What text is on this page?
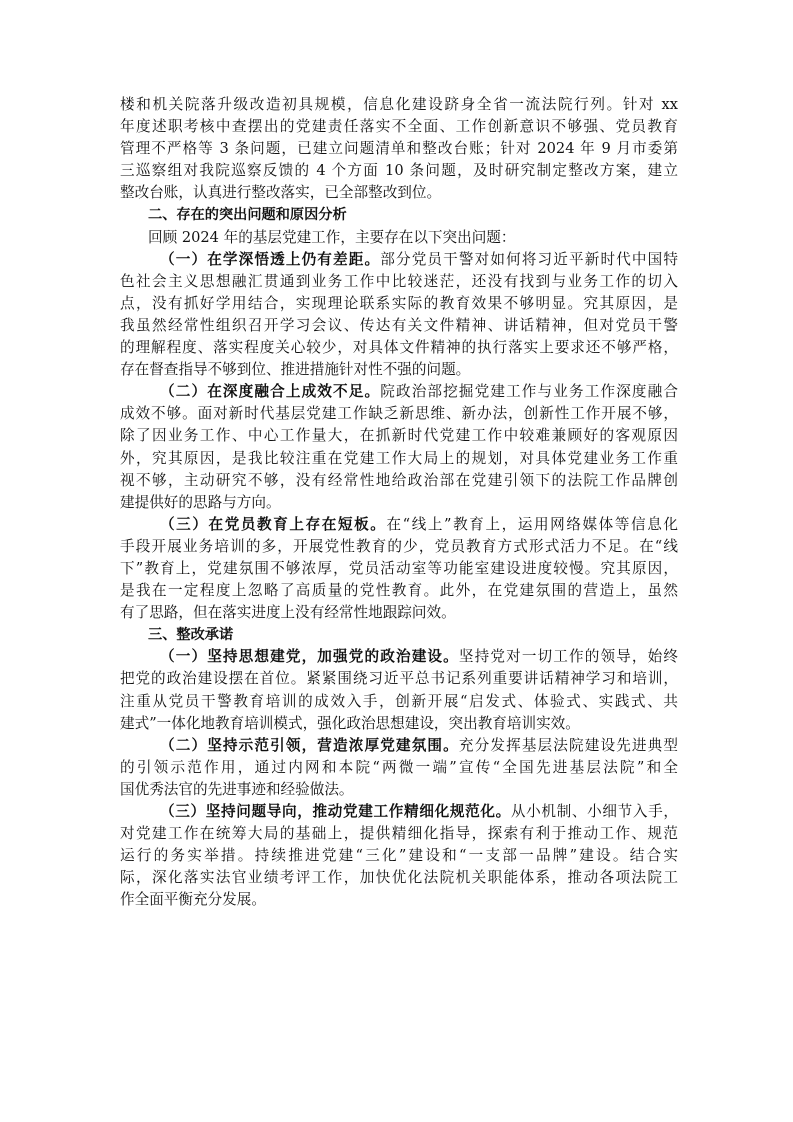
楼和机关院落升级改造初具规模，信息化建设跻身全省一流法院行列。针对 xx
年度述职考核中查摆出的党建责任落实不全面、工作创新意识不够强、党员教育
管理不严格等 3 条问题，已建立问题清单和整改台账；针对 2024 年 9 月市委第
三巡察组对我院巡察反馈的 4 个方面 10 条问题，及时研究制定整改方案，建立
整改台账，认真进行整改落实，已全部整改到位。
二、存在的突出问题和原因分析
回顾 2024 年的基层党建工作，主要存在以下突出问题：
（一）在学深悟透上仍有差距。部分党员干警对如何将习近平新时代中国特
色社会主义思想融汇贯通到业务工作中比较迷茫，还没有找到与业务工作的切入
点，没有抓好学用结合，实现理论联系实际的教育效果不够明显。究其原因，是
我虽然经常性组织召开学习会议、传达有关文件精神、讲话精神，但对党员干警
的理解程度、落实程度关心较少，对具体文件精神的执行落实上要求还不够严格，
存在督查指导不够到位、推进措施针对性不强的问题。
（二）在深度融合上成效不足。院政治部挖掘党建工作与业务工作深度融合
成效不够。面对新时代基层党建工作缺乏新思维、新办法，创新性工作开展不够，
除了因业务工作、中心工作量大，在抓新时代党建工作中较难兼顾好的客观原因
外，究其原因，是我比较注重在党建工作大局上的规划，对具体党建业务工作重
视不够，主动研究不够，没有经常性地给政治部在党建引领下的法院工作品牌创
建提供好的思路与方向。
（三）在党员教育上存在短板。在“线上”教育上，运用网络媒体等信息化
手段开展业务培训的多，开展党性教育的少，党员教育方式形式活力不足。在“线
下”教育上，党建氛围不够浓厚，党员活动室等功能室建设进度较慢。究其原因，
是我在一定程度上忽略了高质量的党性教育。此外，在党建氛围的营造上，虽然
有了思路，但在落实进度上没有经常性地跟踪问效。
三、整改承诺
（一）坚持思想建党，加强党的政治建设。坚持党对一切工作的领导，始终
把党的政治建设摆在首位。紧紧围绕习近平总书记系列重要讲话精神学习和培训，
注重从党员干警教育培训的成效入手，创新开展“启发式、体验式、实践式、共
建式”一体化地教育培训模式，强化政治思想建设，突出教育培训实效。
（二）坚持示范引领，营造浓厚党建氛围。充分发挥基层法院建设先进典型
的引领示范作用，通过内网和本院“两微一端”宣传“全国先进基层法院”和全
国优秀法官的先进事迹和经验做法。
（三）坚持问题导向，推动党建工作精细化规范化。从小机制、小细节入手，
对党建工作在统筹大局的基础上，提供精细化指导，探索有利于推动工作、规范
运行的务实举措。持续推进党建“三化”建设和“一支部一品牌”建设。结合实
际，深化落实法官业绩考评工作，加快优化法院机关职能体系，推动各项法院工
作全面平衡充分发展。
